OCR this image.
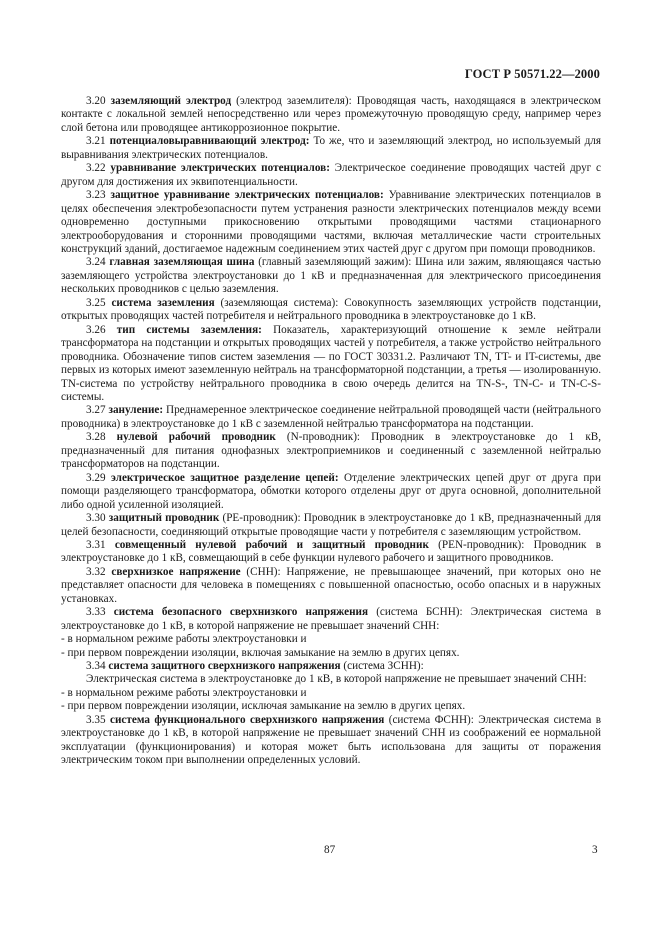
ГОСТ Р 50571.22—2000

3.20 заземляющий электрод (электрод заземлителя): Проводящая часть, находящаяся в электрическом контакте с локальной землей непосредственно или через промежуточную проводящую среду, например через слой бетона или проводящее антикоррозионное покрытие.

3.21 потенциаловыравнивающий электрод: То же, что и заземляющий электрод, но используемый для выравнивания электрических потенциалов.

3.22 уравнивание электрических потенциалов: Электрическое соединение проводящих частей друг с другом для достижения их эквипотенциальности.

3.23 защитное уравнивание электрических потенциалов: Уравнивание электрических потенциалов в целях обеспечения электробезопасности путем устранения разности электрических потенциалов между всеми одновременно доступными прикосновению открытыми проводящими частями стационарного электрооборудования и сторонними проводящими частями, включая металлические части строительных конструкций зданий, достигаемое надежным соединением этих частей друг с другом при помощи проводников.

3.24 главная заземляющая шина (главный заземляющий зажим): Шина или зажим, являющаяся частью заземляющего устройства электроустановки до 1 кВ и предназначенная для электрического присоединения нескольких проводников с целью заземления.

3.25 система заземления (заземляющая система): Совокупность заземляющих устройств подстанции, открытых проводящих частей потребителя и нейтрального проводника в электроустановке до 1 кВ.

3.26 тип системы заземления: Показатель, характеризующий отношение к земле нейтрали трансформатора на подстанции и открытых проводящих частей у потребителя, а также устройство нейтрального проводника. Обозначение типов систем заземления — по ГОСТ 30331.2. Различают TN, TT- и IT-системы, две первых из которых имеют заземленную нейтраль на трансформаторной подстанции, а третья — изолированную. TN-система по устройству нейтрального проводника в свою очередь делится на TN-S-, TN-C- и TN-C-S-системы.

3.27 зануление: Преднамеренное электрическое соединение нейтральной проводящей части (нейтрального проводника) в электроустановке до 1 кВ с заземленной нейтралью трансформатора на подстанции.

3.28 нулевой рабочий проводник (N-проводник): Проводник в электроустановке до 1 кВ, предназначенный для питания однофазных электроприемников и соединенный с заземленной нейтралью трансформаторов на подстанции.

3.29 электрическое защитное разделение цепей: Отделение электрических цепей друг от друга при помощи разделяющего трансформатора, обмотки которого отделены друг от друга основной, дополнительной либо одной усиленной изоляцией.

3.30 защитный проводник (PE-проводник): Проводник в электроустановке до 1 кВ, предназначенный для целей безопасности, соединяющий открытые проводящие части у потребителя с заземляющим устройством.

3.31 совмещенный нулевой рабочий и защитный проводник (PEN-проводник): Проводник в электроустановке до 1 кВ, совмещающий в себе функции нулевого рабочего и защитного проводников.

3.32 сверхнизкое напряжение (СНН): Напряжение, не превышающее значений, при которых оно не представляет опасности для человека в помещениях с повышенной опасностью, особо опасных и в наружных установках.

3.33 система безопасного сверхнизкого напряжения (система БСНН): Электрическая система в электроустановке до 1 кВ, в которой напряжение не превышает значений СНН:

- в нормальном режиме работы электроустановки и

- при первом повреждении изоляции, включая замыкание на землю в других цепях.

3.34 система защитного сверхнизкого напряжения (система ЗСНН):

Электрическая система в электроустановке до 1 кВ, в которой напряжение не превышает значений СНН:

- в нормальном режиме работы электроустановки и

- при первом повреждении изоляции, исключая замыкание на землю в других цепях.

3.35 система функционального сверхнизкого напряжения (система ФСНН): Электрическая система в электроустановке до 1 кВ, в которой напряжение не превышает значений СНН из соображений ее нормальной эксплуатации (функционирования) и которая может быть использована для защиты от поражения электрическим током при выполнении определенных условий.

87	3
